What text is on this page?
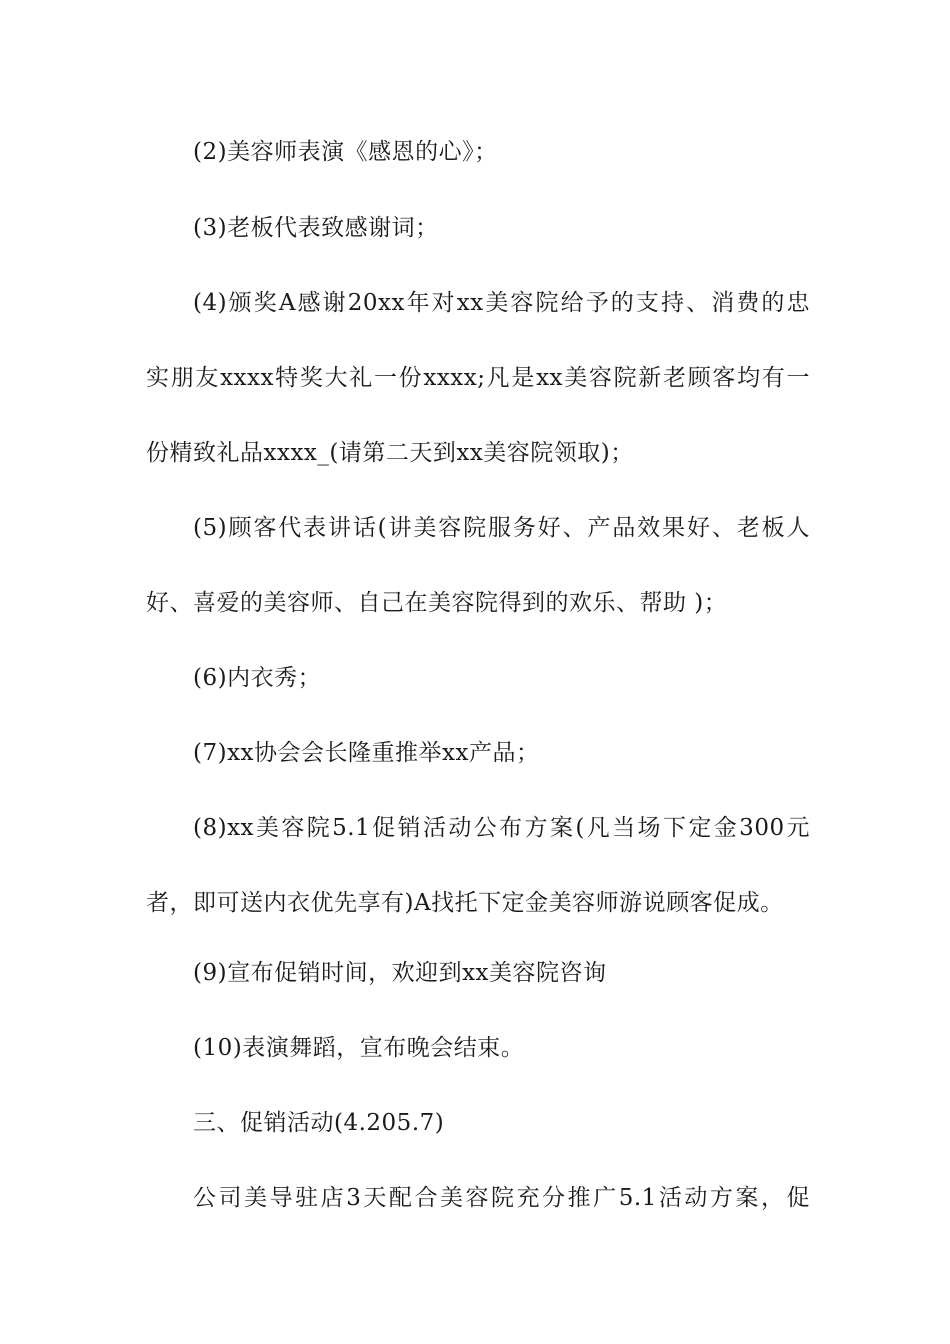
(2)美容师表演《感恩的心》；
(3)老板代表致感谢词；
(4)颁奖A感谢20xx年对xx美容院给予的支持、消费的忠
实朋友xxxx特奖大礼一份xxxx;凡是xx美容院新老顾客均有一
份精致礼品xxxx_(请第二天到xx美容院领取)；
(5)顾客代表讲话(讲美容院服务好、产品效果好、老板人
好、喜爱的美容师、自己在美容院得到的欢乐、帮助 )；
(6)内衣秀；
(7)xx协会会长隆重推举xx产品；
(8)xx美容院5.1促销活动公布方案(凡当场下定金300元
者，即可送内衣优先享有)A找托下定金美容师游说顾客促成。
(9)宣布促销时间，欢迎到xx美容院咨询
(10)表演舞蹈，宣布晚会结束。
三、促销活动(4.205.7)
公司美导驻店3天配合美容院充分推广5.1活动方案，促
